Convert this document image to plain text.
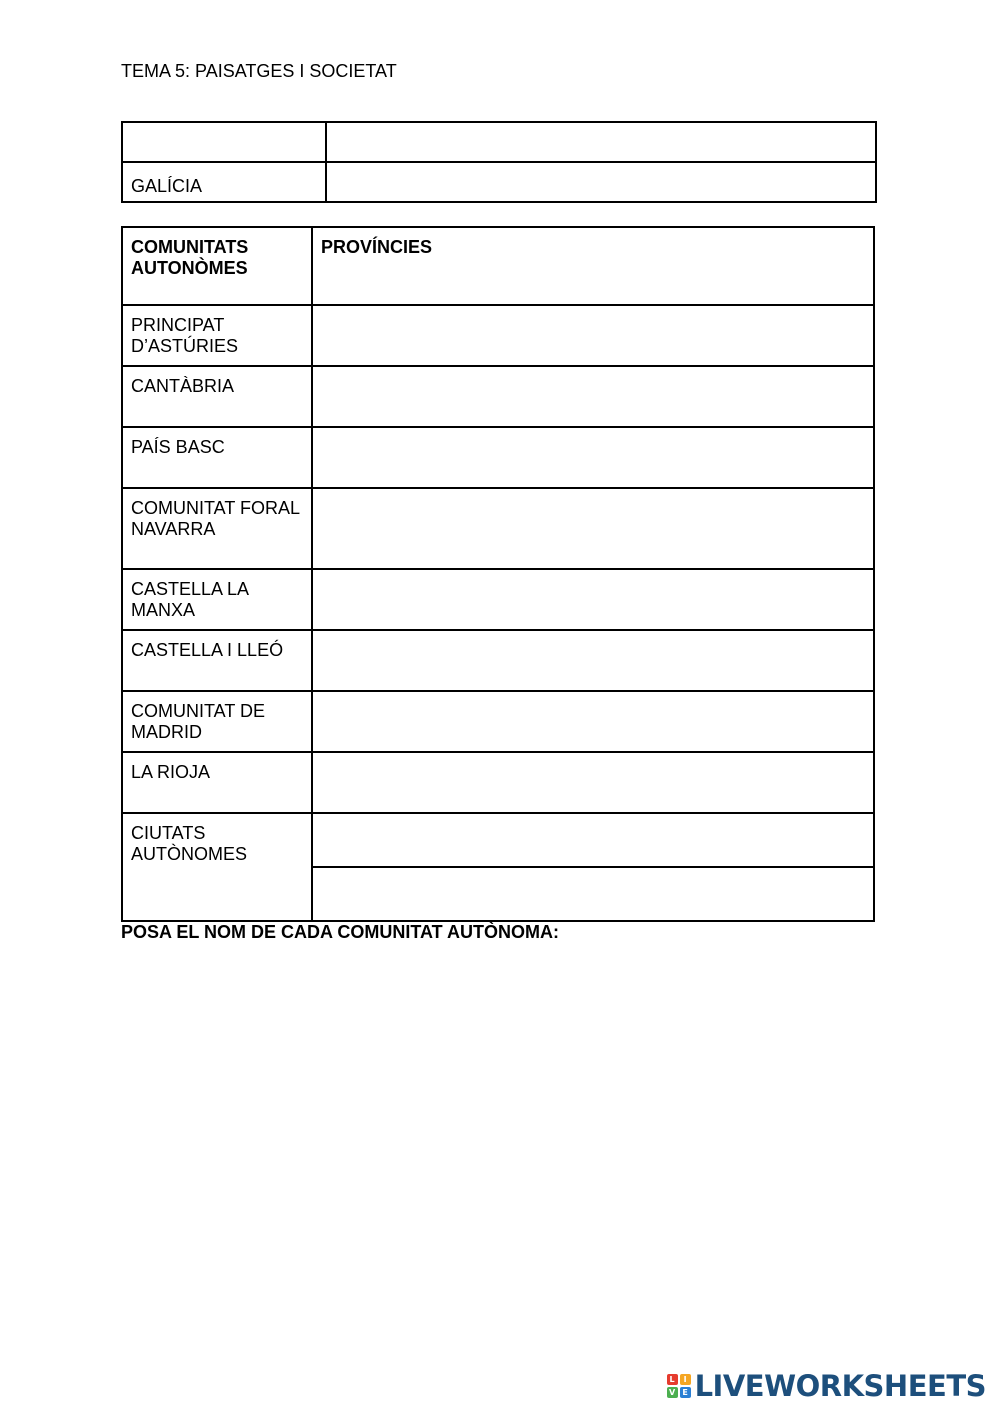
TEMA 5: PAISATGES I SOCIETAT

GALÍCIA	
COMUNITATS
AUTONÒMES	PROVÍNCIES
PRINCIPAT D’ASTÚRIES	
CANTÀBRIA	
PAÍS BASC	
COMUNITAT FORAL NAVARRA	
CASTELLA LA MANXA	
CASTELLA I LLEÓ	
COMUNITAT DE MADRID	
LA RIOJA	
CIUTATS AUTÒNOMES	

POSA EL NOM DE CADA COMUNITAT AUTÒNOMA:
L	I
V E LIVEWORKSHEETS
